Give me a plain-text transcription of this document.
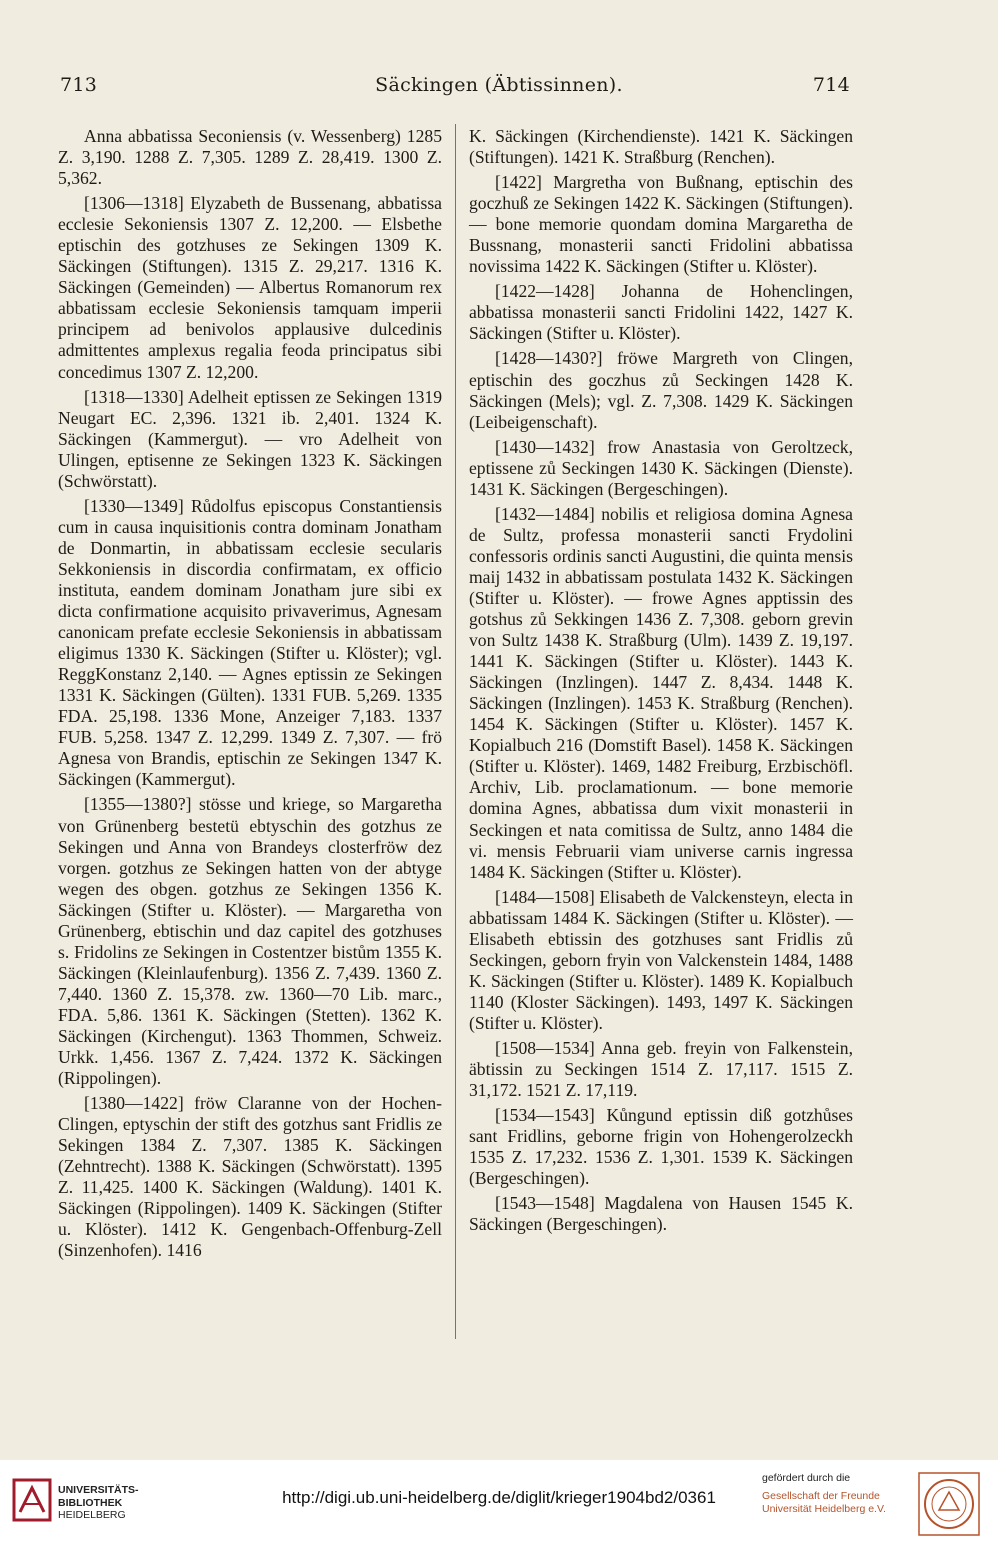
713	Säckingen (Äbtissinnen).	714

Anna abbatissa Seconiensis (v. Wessenberg) 1285 Z. 3,190. 1288 Z. 7,305. 1289 Z. 28,419. 1300 Z. 5,362.

[1306—1318] Elyzabeth de Bussenang, abbatissa ecclesie Sekoniensis 1307 Z. 12,200. — Elsbethe eptischin des gotzhuses ze Sekingen 1309 K. Säckingen (Stiftungen). 1315 Z. 29,217. 1316 K. Säckingen (Gemeinden) — Albertus Romanorum rex abbatissam ecclesie Sekoniensis tamquam imperii principem ad benivolos applausive dulcedinis admittentes amplexus regalia feoda principatus sibi concedimus 1307 Z. 12,200.

[1318—1330] Adelheit eptissen ze Sekingen 1319 Neugart EC. 2,396. 1321 ib. 2,401. 1324 K. Säckingen (Kammergut). — vro Adelheit von Ulingen, eptisenne ze Sekingen 1323 K. Säckingen (Schwörstatt).

[1330—1349] Růdolfus episcopus Constantiensis cum in causa inquisitionis contra dominam Jonatham de Donmartin, in abbatissam ecclesie secularis Sekkoniensis in discordia confirmatam, ex officio instituta, eandem dominam Jonatham jure sibi ex dicta confirmatione acquisito privaverimus, Agnesam canonicam prefate ecclesie Sekoniensis in abbatissam eligimus 1330 K. Säckingen (Stifter u. Klöster); vgl. ReggKonstanz 2,140. — Agnes eptissin ze Sekingen 1331 K. Säckingen (Gülten). 1331 FUB. 5,269. 1335 FDA. 25,198. 1336 Mone, Anzeiger 7,183. 1337 FUB. 5,258. 1347 Z. 12,299. 1349 Z. 7,307. — frö Agnesa von Brandis, eptischin ze Sekingen 1347 K. Säckingen (Kammergut).

[1355—1380?] stösse und kriege, so Margaretha von Grünenberg bestetü ebtyschin des gotzhus ze Sekingen und Anna von Brandeys closterfröw dez vorgen. gotzhus ze Sekingen hatten von der abtyge wegen des obgen. gotzhus ze Sekingen 1356 K. Säckingen (Stifter u. Klöster). — Margaretha von Grünenberg, ebtischin und daz capitel des gotzhuses s. Fridolins ze Sekingen in Costentzer bistům 1355 K. Säckingen (Kleinlaufenburg). 1356 Z. 7,439. 1360 Z. 7,440. 1360 Z. 15,378. zw. 1360—70 Lib. marc., FDA. 5,86. 1361 K. Säckingen (Stetten). 1362 K. Säckingen (Kirchengut). 1363 Thommen, Schweiz. Urkk. 1,456. 1367 Z. 7,424. 1372 K. Säckingen (Rippolingen).

[1380—1422] fröw Claranne von der Hochen-Clingen, eptyschin der stift des gotzhus sant Fridlis ze Sekingen 1384 Z. 7,307. 1385 K. Säckingen (Zehntrecht). 1388 K. Säckingen (Schwörstatt). 1395 Z. 11,425. 1400 K. Säckingen (Waldung). 1401 K. Säckingen (Rippolingen). 1409 K. Säckingen (Stifter u. Klöster). 1412 K. Gengenbach-Offenburg-Zell (Sinzenhofen). 1416

K. Säckingen (Kirchendienste). 1421 K. Säckingen (Stiftungen). 1421 K. Straßburg (Renchen).

[1422] Margretha von Bußnang, eptischin des goczhuß ze Sekingen 1422 K. Säckingen (Stiftungen). — bone memorie quondam domina Margaretha de Bussnang, monasterii sancti Fridolini abbatissa novissima 1422 K. Säckingen (Stifter u. Klöster).

[1422—1428] Johanna de Hohenclingen, abbatissa monasterii sancti Fridolini 1422, 1427 K. Säckingen (Stifter u. Klöster).

[1428—1430?] fröwe Margreth von Clingen, eptischin des goczhus zů Seckingen 1428 K. Säckingen (Mels); vgl. Z. 7,308. 1429 K. Säckingen (Leibeigenschaft).

[1430—1432] frow Anastasia von Geroltzeck, eptissene zů Seckingen 1430 K. Säckingen (Dienste). 1431 K. Säckingen (Bergeschingen).

[1432—1484] nobilis et religiosa domina Agnesa de Sultz, professa monasterii sancti Frydolini confessoris ordinis sancti Augustini, die quinta mensis maij 1432 in abbatissam postulata 1432 K. Säckingen (Stifter u. Klöster). — frowe Agnes apptissin des gotshus zů Sekkingen 1436 Z. 7,308. geborn grevin von Sultz 1438 K. Straßburg (Ulm). 1439 Z. 19,197. 1441 K. Säckingen (Stifter u. Klöster). 1443 K. Säckingen (Inzlingen). 1447 Z. 8,434. 1448 K. Säckingen (Inzlingen). 1453 K. Straßburg (Renchen). 1454 K. Säckingen (Stifter u. Klöster). 1457 K. Kopialbuch 216 (Domstift Basel). 1458 K. Säckingen (Stifter u. Klöster). 1469, 1482 Freiburg, Erzbischöfl. Archiv, Lib. proclamationum. — bone memorie domina Agnes, abbatissa dum vixit monasterii in Seckingen et nata comitissa de Sultz, anno 1484 die vi. mensis Februarii viam universe carnis ingressa 1484 K. Säckingen (Stifter u. Klöster).

[1484—1508] Elisabeth de Valckensteyn, electa in abbatissam 1484 K. Säckingen (Stifter u. Klöster). — Elisabeth ebtissin des gotzhuses sant Fridlis zů Seckingen, geborn fryin von Valckenstein 1484, 1488 K. Säckingen (Stifter u. Klöster). 1489 K. Kopialbuch 1140 (Kloster Säckingen). 1493, 1497 K. Säckingen (Stifter u. Klöster).

[1508—1534] Anna geb. freyin von Falkenstein, äbtissin zu Seckingen 1514 Z. 17,117. 1515 Z. 31,172. 1521 Z. 17,119.

[1534—1543] Kůngund eptissin diß gotzhůses sant Fridlins, geborne frigin von Hohengerolzeckh 1535 Z. 17,232. 1536 Z. 1,301. 1539 K. Säckingen (Bergeschingen).

[1543—1548] Magdalena von Hausen 1545 K. Säckingen (Bergeschingen).

UNIVERSITÄTS-
BIBLIOTHEK
HEIDELBERG
http://digi.ub.uni-heidelberg.de/diglit/krieger1904bd2/0361
gefördert durch die
Gesellschaft der Freunde
Universität Heidelberg e.V.
